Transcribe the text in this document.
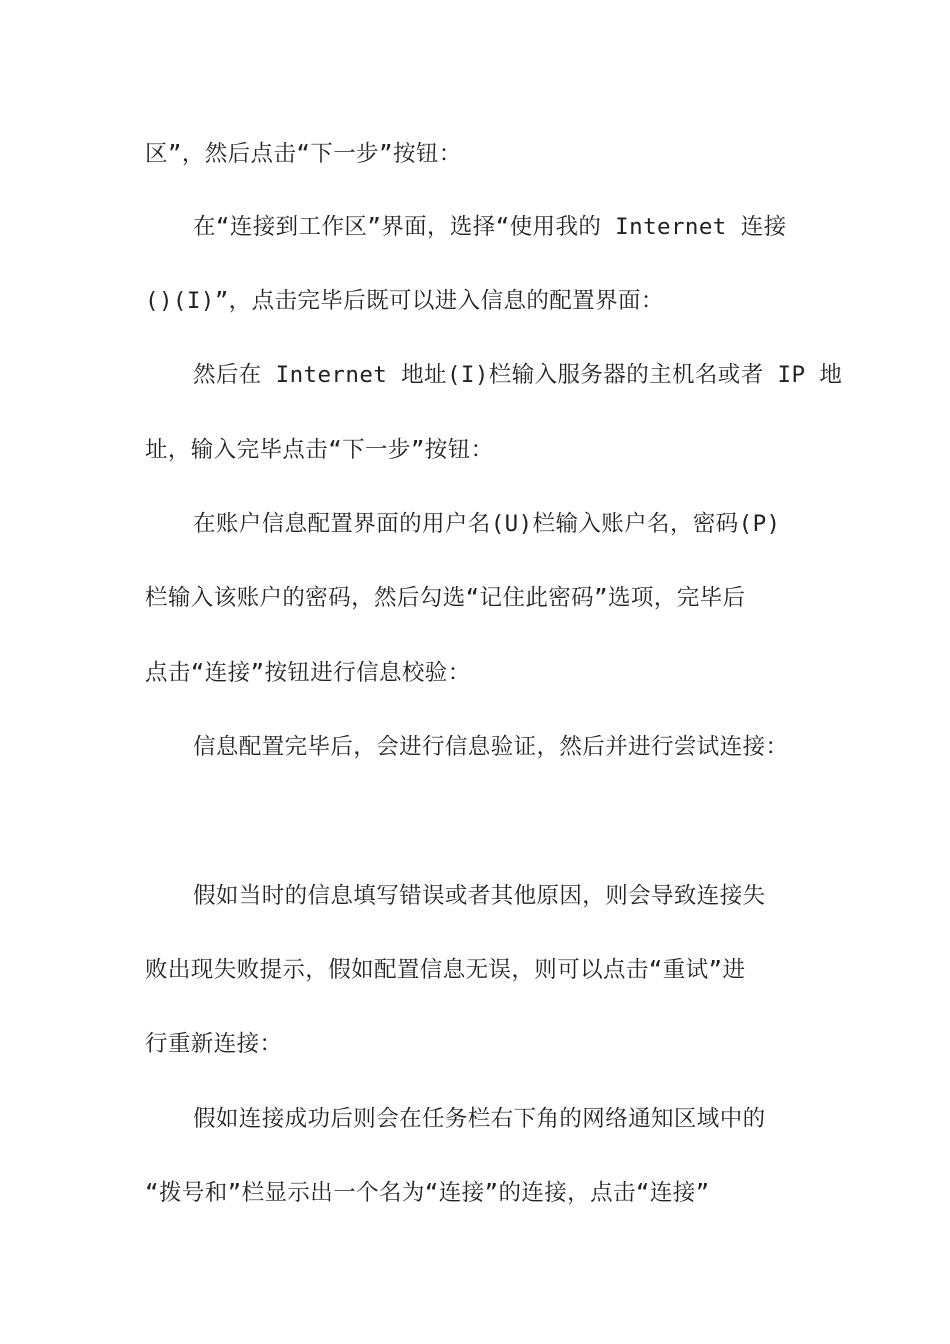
区”，然后点击“下一步”按钮：
在“连接到工作区”界面，选择“使用我的 Internet 连接
()(I)”，点击完毕后既可以进入信息的配置界面：
然后在 Internet 地址(I)栏输入服务器的主机名或者 IP 地
址，输入完毕点击“下一步”按钮：
在账户信息配置界面的用户名(U)栏输入账户名，密码(P)
栏输入该账户的密码，然后勾选“记住此密码”选项，完毕后
点击“连接”按钮进行信息校验：
信息配置完毕后，会进行信息验证，然后并进行尝试连接：
假如当时的信息填写错误或者其他原因，则会导致连接失
败出现失败提示，假如配置信息无误，则可以点击“重试”进
行重新连接：
假如连接成功后则会在任务栏右下角的网络通知区域中的
“拨号和”栏显示出一个名为“连接”的连接，点击“连接”
